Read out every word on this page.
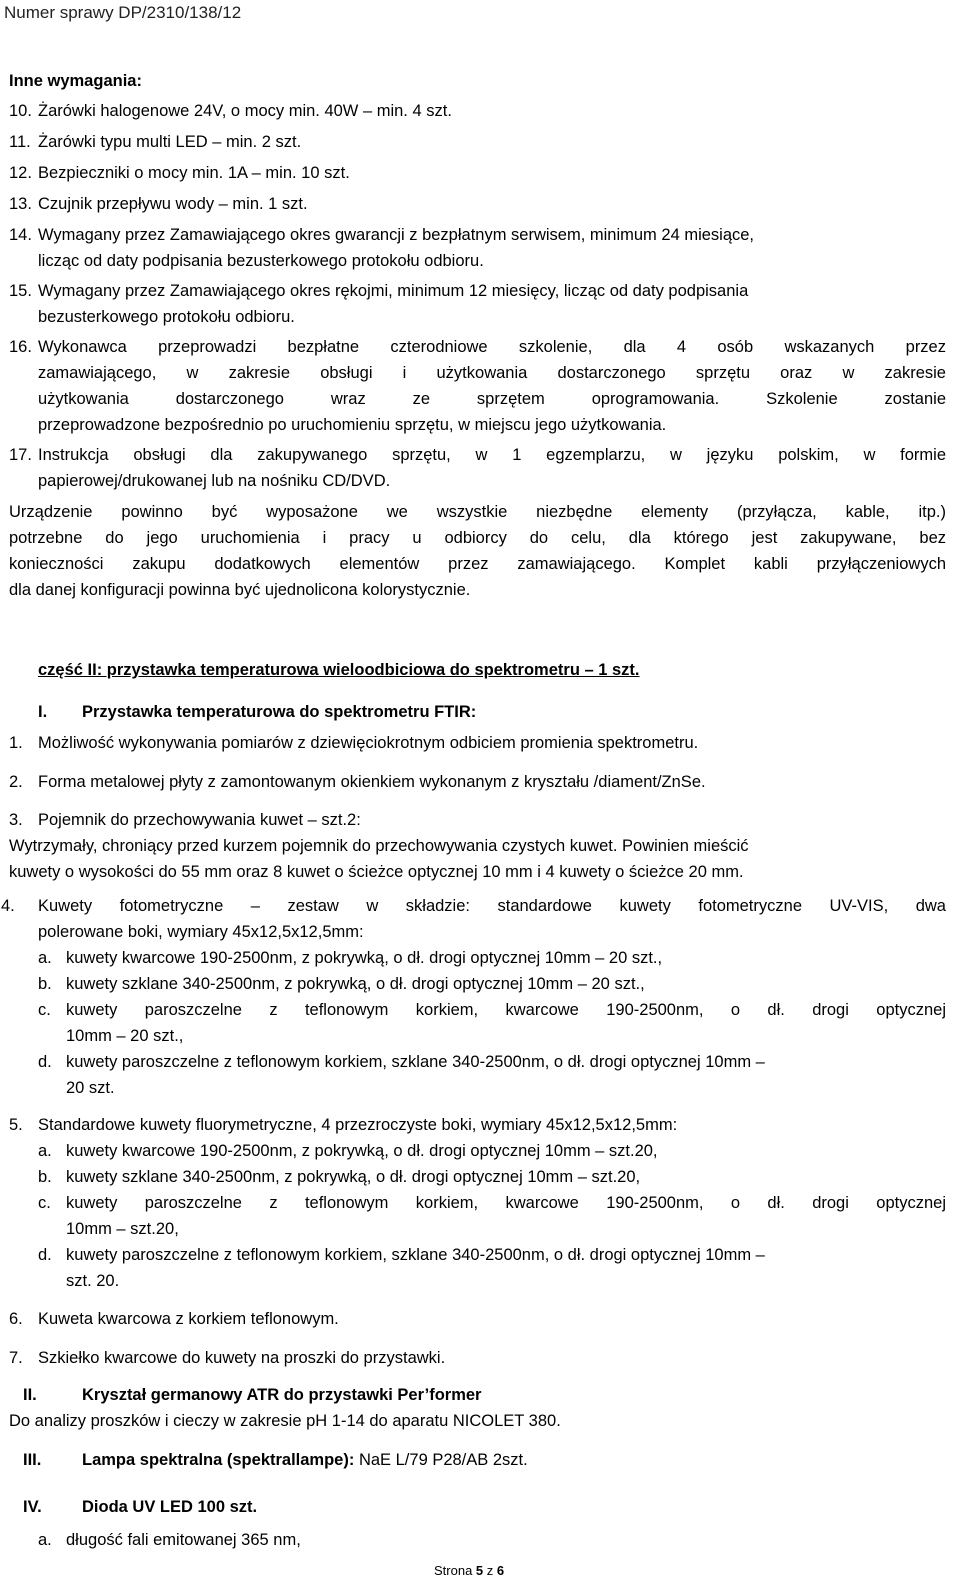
Numer sprawy DP/2310/138/12
Inne wymagania:
10. Żarówki halogenowe 24V, o mocy min. 40W – min. 4 szt.
11. Żarówki typu multi LED – min. 2 szt.
12. Bezpieczniki o mocy min. 1A – min. 10 szt.
13. Czujnik przepływu wody – min. 1 szt.
14. Wymagany przez Zamawiającego okres gwarancji z bezpłatnym serwisem, minimum 24 miesiące,
licząc od daty podpisania bezusterkowego protokołu odbioru.
15. Wymagany przez Zamawiającego okres rękojmi, minimum 12 miesięcy, licząc od daty podpisania
bezusterkowego protokołu odbioru.
16. Wykonawca przeprowadzi bezpłatne czterodniowe szkolenie, dla 4 osób wskazanych przez
zamawiającego, w zakresie obsługi i użytkowania dostarczonego sprzętu oraz w zakresie
użytkowania dostarczonego wraz ze sprzętem oprogramowania. Szkolenie zostanie
przeprowadzone bezpośrednio po uruchomieniu sprzętu, w miejscu jego użytkowania.
17. Instrukcja obsługi dla zakupywanego sprzętu, w 1 egzemplarzu, w języku polskim, w formie
papierowej/drukowanej lub na nośniku CD/DVD.
Urządzenie powinno być wyposażone we wszystkie niezbędne elementy (przyłącza, kable, itp.)
potrzebne do jego uruchomienia i pracy u odbiorcy do celu, dla którego jest zakupywane, bez
konieczności zakupu dodatkowych elementów przez zamawiającego. Komplet kabli przyłączeniowych
dla danej konfiguracji powinna być ujednolicona kolorystycznie.
część II: przystawka temperaturowa wieloodbiciowa do spektrometru – 1 szt.
I. Przystawka temperaturowa do spektrometru FTIR:
1. Możliwość wykonywania pomiarów z dziewięciokrotnym odbiciem promienia spektrometru.
2. Forma metalowej płyty z zamontowanym okienkiem wykonanym z kryształu /diament/ZnSe.
3. Pojemnik do przechowywania kuwet – szt.2:
Wytrzymały, chroniący przed kurzem pojemnik do przechowywania czystych kuwet. Powinien mieścić
kuwety o wysokości do 55 mm oraz 8 kuwet o ścieżce optycznej 10 mm i 4 kuwety o ścieżce 20 mm.
4. Kuwety fotometryczne – zestaw w składzie: standardowe kuwety fotometryczne UV-VIS, dwa
polerowane boki, wymiary 45x12,5x12,5mm:
a. kuwety kwarcowe 190-2500nm, z pokrywką, o dł. drogi optycznej 10mm – 20 szt.,
b. kuwety szklane 340-2500nm, z pokrywką, o dł. drogi optycznej 10mm – 20 szt.,
c. kuwety paroszczelne z teflonowym korkiem, kwarcowe 190-2500nm, o dł. drogi optycznej
10mm – 20 szt.,
d. kuwety paroszczelne z teflonowym korkiem, szklane 340-2500nm, o dł. drogi optycznej 10mm –
20 szt.
5. Standardowe kuwety fluorymetryczne, 4 przezroczyste boki, wymiary 45x12,5x12,5mm:
a. kuwety kwarcowe 190-2500nm, z pokrywką, o dł. drogi optycznej 10mm – szt.20,
b. kuwety szklane 340-2500nm, z pokrywką, o dł. drogi optycznej 10mm – szt.20,
c. kuwety paroszczelne z teflonowym korkiem, kwarcowe 190-2500nm, o dł. drogi optycznej
10mm – szt.20,
d. kuwety paroszczelne z teflonowym korkiem, szklane 340-2500nm, o dł. drogi optycznej 10mm –
szt. 20.
6. Kuweta kwarcowa z korkiem teflonowym.
7. Szkiełko kwarcowe do kuwety na proszki do przystawki.
II.	Kryształ germanowy ATR do przystawki Per’former
Do analizy proszków i cieczy w zakresie pH 1-14 do aparatu NICOLET 380.
III. Lampa spektralna (spektrallampe): NaE L/79 P28/AB 2szt.
IV. Dioda UV LED 100 szt.
a. długość fali emitowanej 365 nm,
Strona 5 z 6
